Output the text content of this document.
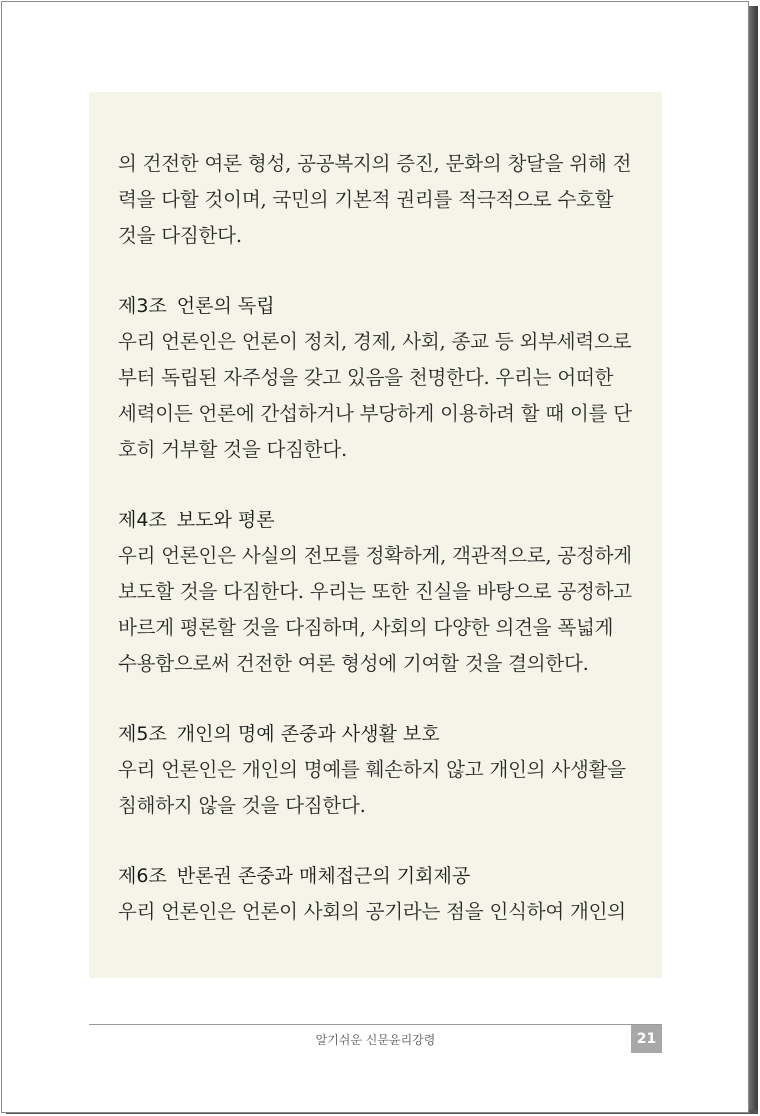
의 건전한 여론 형성, 공공복지의 증진, 문화의 창달을 위해 전
력을 다할 것이며, 국민의 기본적 권리를 적극적으로 수호할
것을 다짐한다.

제3조 언론의 독립

우리 언론인은 언론이 정치, 경제, 사회, 종교 등 외부세력으로
부터 독립된 자주성을 갖고 있음을 천명한다. 우리는 어떠한
세력이든 언론에 간섭하거나 부당하게 이용하려 할 때 이를 단
호히 거부할 것을 다짐한다.

제4조 보도와 평론

우리 언론인은 사실의 전모를 정확하게, 객관적으로, 공정하게
보도할 것을 다짐한다. 우리는 또한 진실을 바탕으로 공정하고
바르게 평론할 것을 다짐하며, 사회의 다양한 의견을 폭넓게
수용함으로써 건전한 여론 형성에 기여할 것을 결의한다.

제5조 개인의 명예 존중과 사생활 보호

우리 언론인은 개인의 명예를 훼손하지 않고 개인의 사생활을
침해하지 않을 것을 다짐한다.

제6조 반론권 존중과 매체접근의 기회제공

우리 언론인은 언론이 사회의 공기라는 점을 인식하여 개인의

알기쉬운 신문윤리강령	21
